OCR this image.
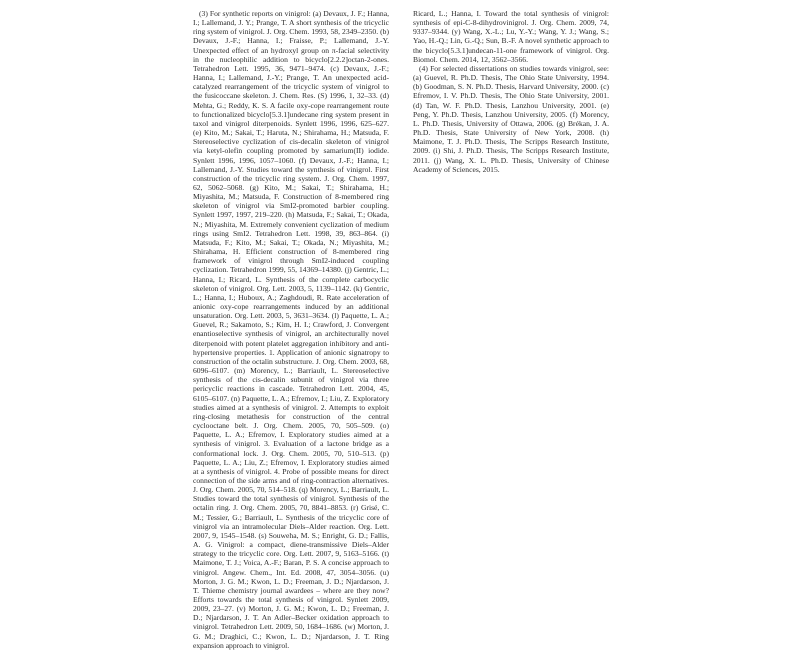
(3) For synthetic reports on vinigrol: (a) Devaux, J. F.; Hanna, I.; Lallemand, J. Y.; Prange, T. A short synthesis of the tricyclic ring system of vinigrol. J. Org. Chem. 1993, 58, 2349–2350. (b) Devaux, J.-F.; Hanna, I.; Fraisse, P.; Lallemand, J.-Y. Unexpected effect of an hydroxyl group on π-facial selectivity in the nucleophilic addition to bicyclo[2.2.2]octan-2-ones. Tetrahedron Lett. 1995, 36, 9471–9474. (c) Devaux, J.-F.; Hanna, I.; Lallemand, J.-Y.; Prange, T. An unexpected acid-catalyzed rearrangement of the tricyclic system of vinigrol to the fusicoccane skeleton. J. Chem. Res. (S) 1996, 1, 32–33. (d) Mehta, G.; Reddy, K. S. A facile oxy-cope rearrangement route to functionalized bicyclo[5.3.1]undecane ring system present in taxol and vinigrol diterpenoids. Synlett 1996, 1996, 625–627. (e) Kito, M.; Sakai, T.; Haruta, N.; Shirahama, H.; Matsuda, F. Stereoselective cyclization of cis-decalin skeleton of vinigrol via ketyl-olefin coupling promoted by samarium(II) iodide. Synlett 1996, 1996, 1057–1060. (f) Devaux, J.-F.; Hanna, I.; Lallemand, J.-Y. Studies toward the synthesis of vinigrol. First construction of the tricyclic ring system. J. Org. Chem. 1997, 62, 5062–5068. (g) Kito, M.; Sakai, T.; Shirahama, H.; Miyashita, M.; Matsuda, F. Construction of 8-membered ring skeleton of vinigrol via SmI2-promoted barbier coupling. Synlett 1997, 1997, 219–220. (h) Matsuda, F.; Sakai, T.; Okada, N.; Miyashita, M. Extremely convenient cyclization of medium rings using SmI2. Tetrahedron Lett. 1998, 39, 863–864. (i) Matsuda, F.; Kito, M.; Sakai, T.; Okada, N.; Miyashita, M.; Shirahama, H. Efficient construction of 8-membered ring framework of vinigrol through SmI2-induced coupling cyclization. Tetrahedron 1999, 55, 14369–14380. (j) Gentric, L.; Hanna, I.; Ricard, L. Synthesis of the complete carbocyclic skeleton of vinigrol. Org. Lett. 2003, 5, 1139–1142. (k) Gentric, L.; Hanna, I.; Huboux, A.; Zaghdoudi, R. Rate acceleration of anionic oxy-cope rearrangements induced by an additional unsaturation. Org. Lett. 2003, 5, 3631–3634. (l) Paquette, L. A.; Guevel, R.; Sakamoto, S.; Kim, H. I.; Crawford, J. Convergent enantioselective synthesis of vinigrol, an architecturally novel diterpenoid with potent platelet aggregation inhibitory and anti-hypertensive properties. 1. Application of anionic signatropy to construction of the octalin substructure. J. Org. Chem. 2003, 68, 6096–6107. (m) Morency, L.; Barriault, L. Stereoselective synthesis of the cis-decalin subunit of vinigrol via three pericyclic reactions in cascade. Tetrahedron Lett. 2004, 45, 6105–6107. (n) Paquette, L. A.; Efremov, I.; Liu, Z. Exploratory studies aimed at a synthesis of vinigrol. 2. Attempts to exploit ring-closing metathesis for construction of the central cyclooctane belt. J. Org. Chem. 2005, 70, 505–509. (o) Paquette, L. A.; Efremov, I. Exploratory studies aimed at a synthesis of vinigrol. 3. Evaluation of a lactone bridge as a conformational lock. J. Org. Chem. 2005, 70, 510–513. (p) Paquette, L. A.; Liu, Z.; Efremov, I. Exploratory studies aimed at a synthesis of vinigrol. 4. Probe of possible means for direct connection of the side arms and of ring-contraction alternatives. J. Org. Chem. 2005, 70, 514–518. (q) Morency, L.; Barriault, L. Studies toward the total synthesis of vinigrol. Synthesis of the octalin ring. J. Org. Chem. 2005, 70, 8841–8853. (r) Grisé, C. M.; Tessier, G.; Barriault, L. Synthesis of the tricyclic core of vinigrol via an intramolecular Diels–Alder reaction. Org. Lett. 2007, 9, 1545–1548. (s) Souweha, M. S.; Enright, G. D.; Fallis, A. G. Vinigrol: a compact, diene-transmissive Diels–Alder strategy to the tricyclic core. Org. Lett. 2007, 9, 5163–5166. (t) Maimone, T. J.; Voica, A.-F.; Baran, P. S. A concise approach to vinigrol. Angew. Chem., Int. Ed. 2008, 47, 3054–3056. (u) Morton, J. G. M.; Kwon, L. D.; Freeman, J. D.; Njardarson, J. T. Thieme chemistry journal awardees – where are they now? Efforts towards the total synthesis of vinigrol. Synlett 2009, 2009, 23–27. (v) Morton, J. G. M.; Kwon, L. D.; Freeman, J. D.; Njardarson, J. T. An Adler–Becker oxidation approach to vinigrol. Tetrahedron Lett. 2009, 50, 1684–1686. (w) Morton, J. G. M.; Draghici, C.; Kwon, L. D.; Njardarson, J. T. Ring expansion approach to vinigrol.

Ricard, L.; Hanna, I. Toward the total synthesis of vinigrol: synthesis of epi-C-8-dihydrovinigrol. J. Org. Chem. 2009, 74, 9337–9344. (y) Wang, X.-L.; Lu, Y.-Y.; Wang, Y. J.; Wang, S.; Yao, H.-Q.; Lin, G.-Q.; Sun, B.-F. A novel synthetic approach to the bicyclo[5.3.1]undecan-11-one framework of vinigrol. Org. Biomol. Chem. 2014, 12, 3562–3566.

(4) For selected dissertations on studies towards vinigrol, see: (a) Guevel, R. Ph.D. Thesis, The Ohio State University, 1994. (b) Goodman, S. N. Ph.D. Thesis, Harvard University, 2000. (c) Efremov, I. V. Ph.D. Thesis, The Ohio State University, 2001. (d) Tan, W. F. Ph.D. Thesis, Lanzhou University, 2001. (e) Peng, Y. Ph.D. Thesis, Lanzhou University, 2005. (f) Morency, L. Ph.D. Thesis, University of Ottawa, 2006. (g) Brékan, J. A. Ph.D. Thesis, State University of New York, 2008. (h) Maimone, T. J. Ph.D. Thesis, The Scripps Research Institute, 2009. (i) Shi, J. Ph.D. Thesis, The Scripps Research Institute, 2011. (j) Wang, X. L. Ph.D. Thesis, University of Chinese Academy of Sciences, 2015.
